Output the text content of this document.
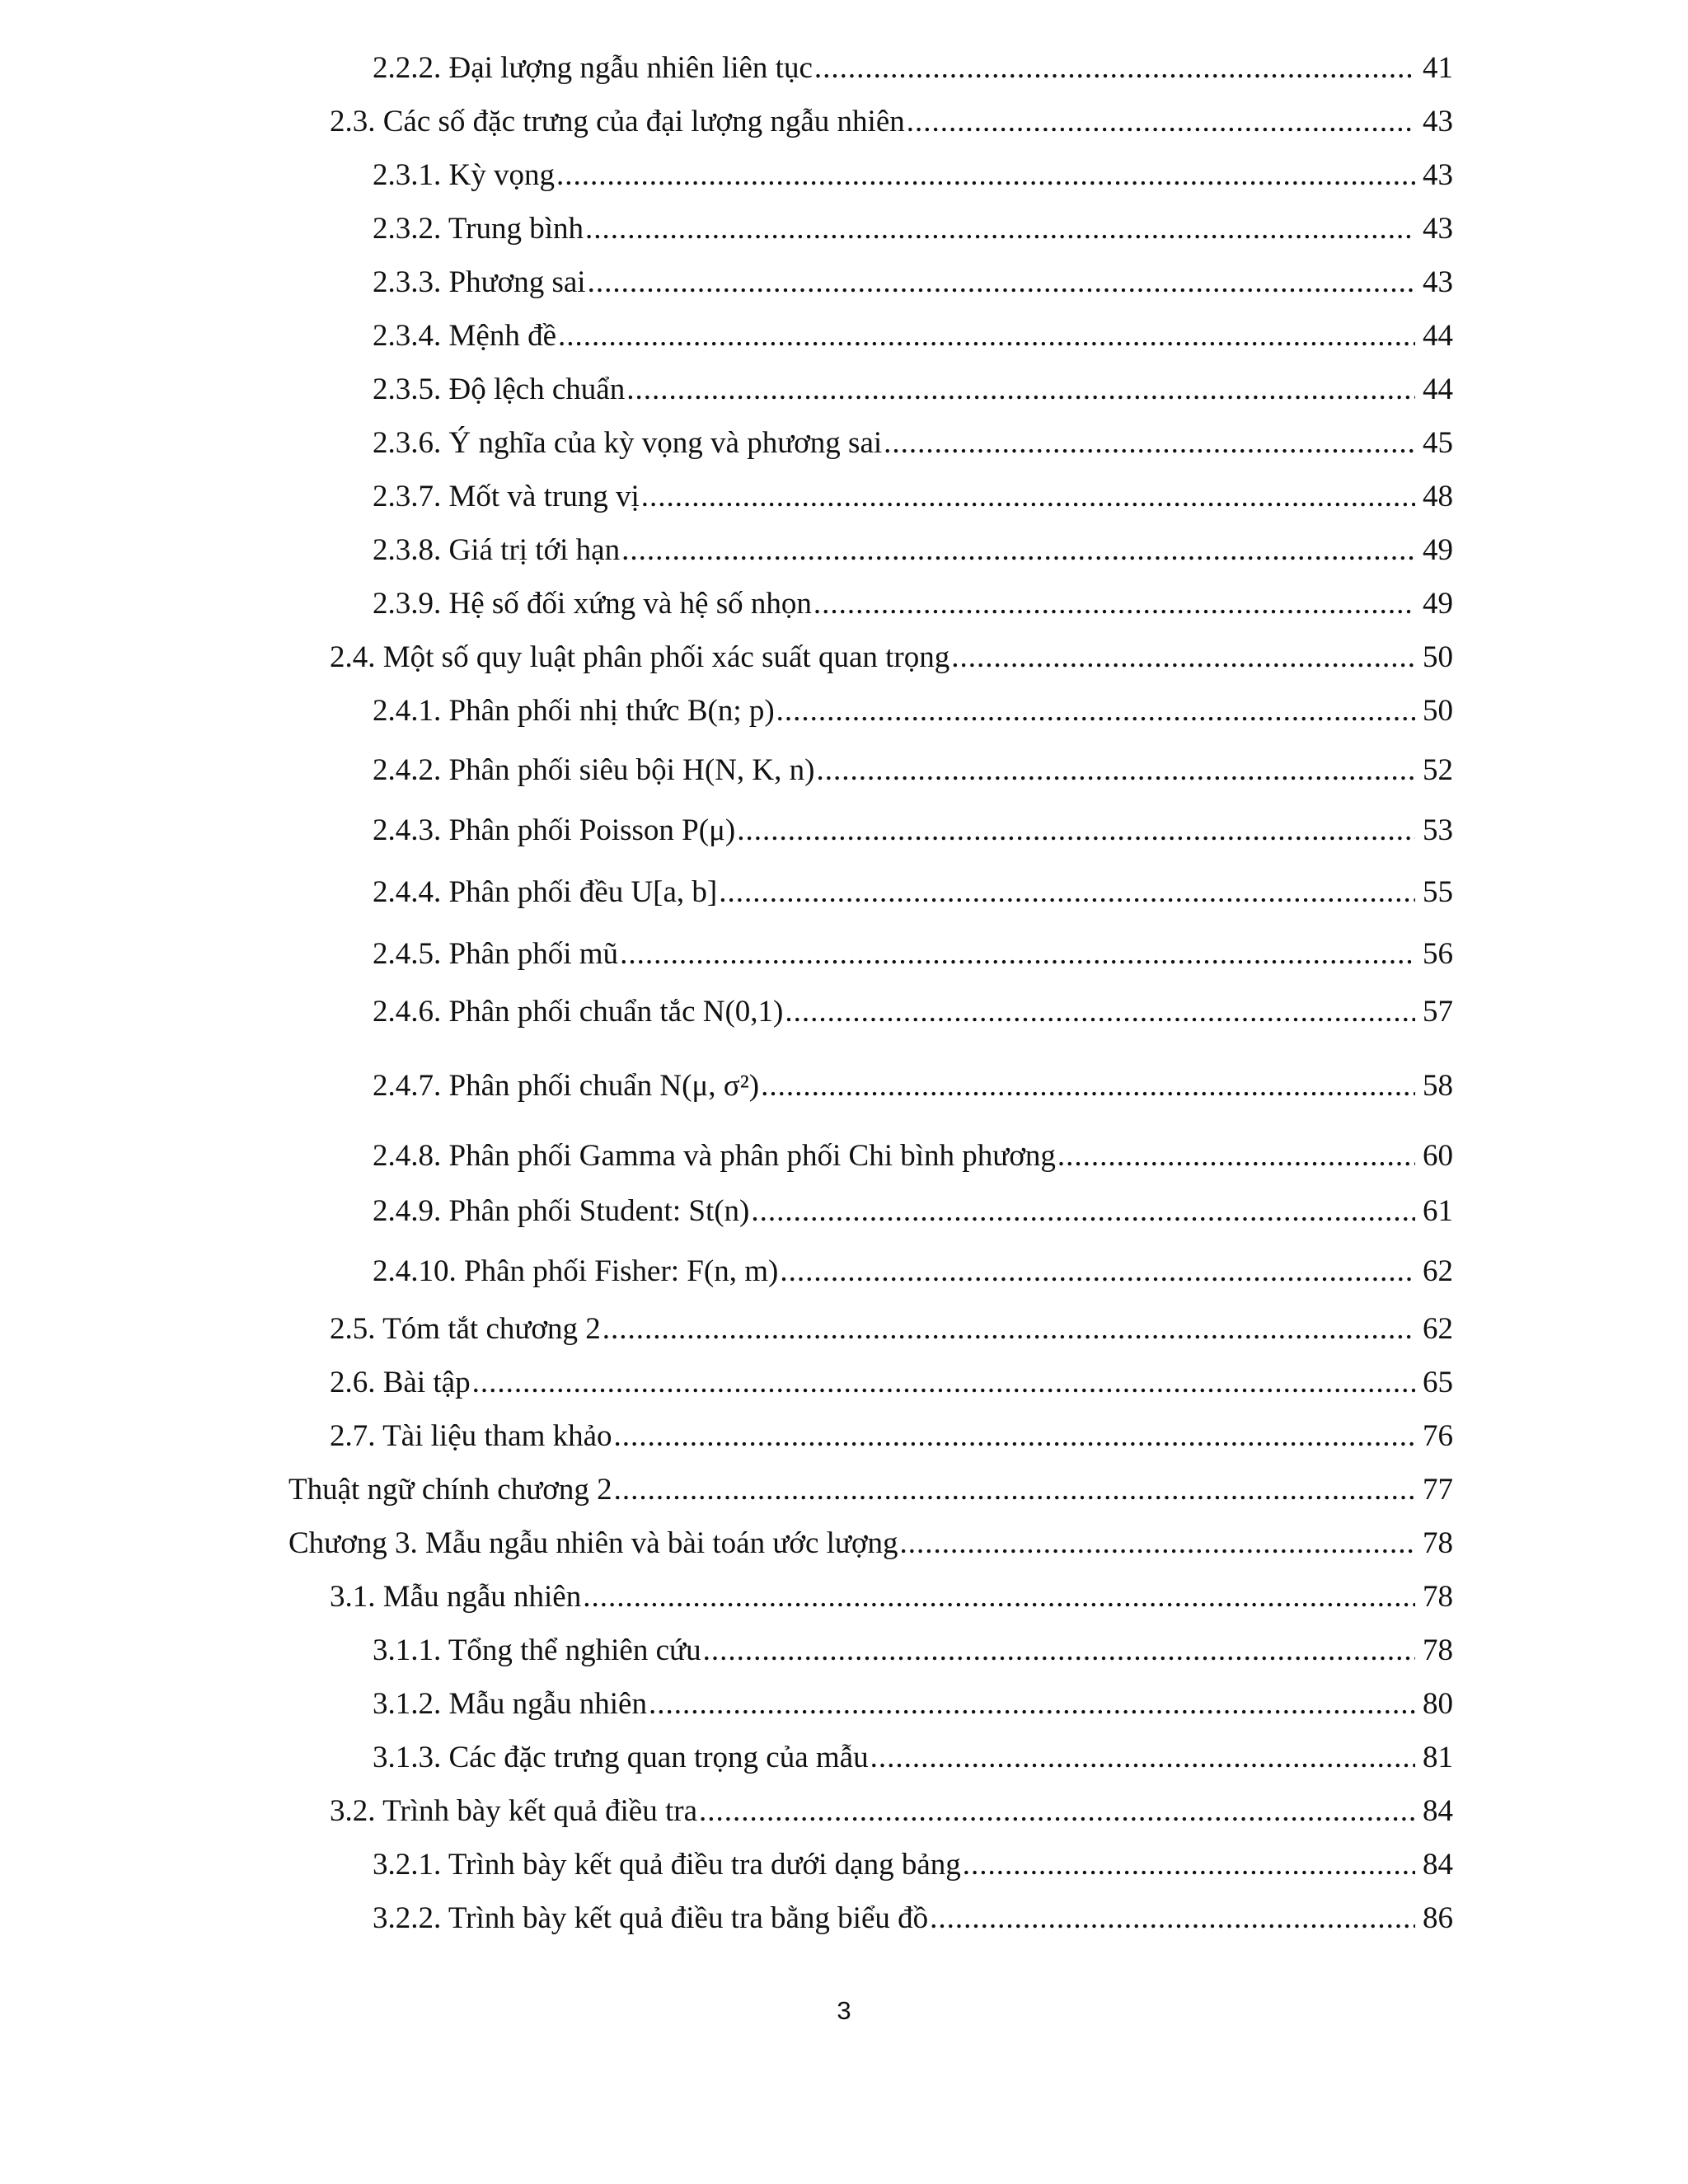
2.2.2. Đại lượng ngẫu nhiên liên tục .....	41
2.3. Các số đặc trưng của đại lượng ngẫu nhiên .....	43
2.3.1. Kỳ vọng .....	43
2.3.2. Trung bình .....	43
2.3.3. Phương sai .....	43
2.3.4. Mệnh đề .....	44
2.3.5. Độ lệch chuẩn .....	44
2.3.6. Ý nghĩa của kỳ vọng và phương sai .....	45
2.3.7. Mốt và trung vị .....	48
2.3.8. Giá trị tới hạn .....	49
2.3.9. Hệ số đối xứng và hệ số nhọn .....	49
2.4. Một số quy luật phân phối xác suất quan trọng .....	50
2.4.1. Phân phối nhị thức B(n; p) .....	50
2.4.2. Phân phối siêu bội H(N, K, n) .....	52
2.4.3. Phân phối Poisson P(μ) .....	53
2.4.4. Phân phối đều U[a, b] .....	55
2.4.5. Phân phối mũ .....	56
2.4.6. Phân phối chuẩn tắc N(0,1) .....	57
2.4.7. Phân phối chuẩn N(μ, σ²) .....	58
2.4.8. Phân phối Gamma và phân phối Chi bình phương .....	60
2.4.9. Phân phối Student: St(n) .....	61
2.4.10. Phân phối Fisher: F(n, m) .....	62
2.5. Tóm tắt chương 2 .....	62
2.6. Bài tập .....	65
2.7. Tài liệu tham khảo .....	76
Thuật ngữ chính chương 2 .....	77
Chương 3. Mẫu ngẫu nhiên và bài toán ước lượng .....	78
3.1. Mẫu ngẫu nhiên .....	78
3.1.1. Tổng thể nghiên cứu .....	78
3.1.2. Mẫu ngẫu nhiên .....	80
3.1.3. Các đặc trưng quan trọng của mẫu .....	81
3.2. Trình bày kết quả điều tra .....	84
3.2.1. Trình bày kết quả điều tra dưới dạng bảng .....	84
3.2.2. Trình bày kết quả điều tra bằng biểu đồ .....	86
3
